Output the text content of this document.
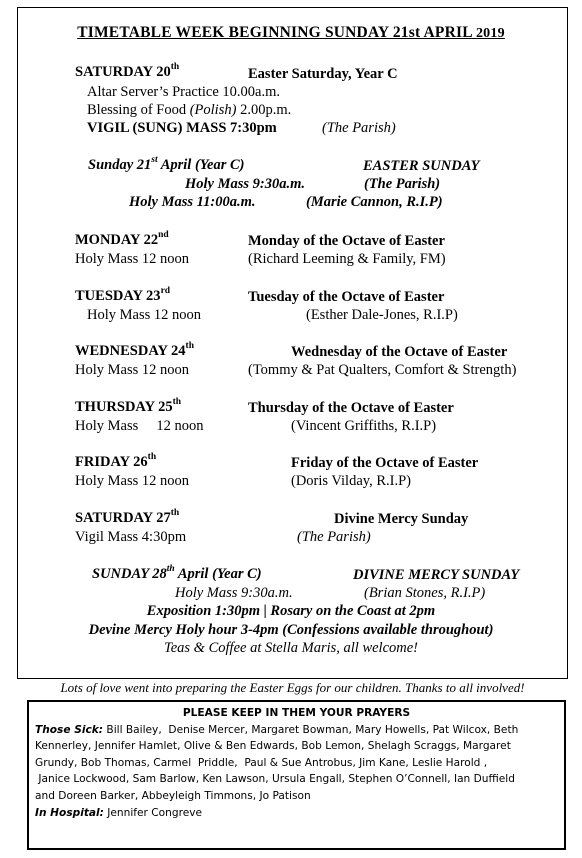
TIMETABLE WEEK BEGINNING SUNDAY 21st APRIL 2019
SATURDAY 20th	Easter Saturday, Year C
Altar Server’s Practice 10.00a.m.
Blessing of Food (Polish) 2.00p.m.
VIGIL (SUNG) MASS 7:30pm	(The Parish)
Sunday 21st April (Year C)	EASTER SUNDAY
Holy Mass 9:30a.m.	(The Parish)
Holy Mass 11:00a.m.	(Marie Cannon, R.I.P)
MONDAY 22nd	Monday of the Octave of Easter
Holy Mass 12 noon	(Richard Leeming & Family, FM)
TUESDAY 23rd	Tuesday of the Octave of Easter
Holy Mass 12 noon	(Esther Dale-Jones, R.I.P)
WEDNESDAY 24th	Wednesday of the Octave of Easter
Holy Mass 12 noon	(Tommy & Pat Qualters, Comfort & Strength)
THURSDAY 25th	Thursday of the Octave of Easter
Holy Mass     12 noon	(Vincent Griffiths, R.I.P)
FRIDAY 26th	Friday of the Octave of Easter
Holy Mass 12 noon	(Doris Vilday, R.I.P)
SATURDAY 27th	Divine Mercy Sunday
Vigil Mass 4:30pm	(The Parish)
SUNDAY 28th April (Year C)	DIVINE MERCY SUNDAY
Holy Mass 9:30a.m.	(Brian Stones, R.I.P)
Exposition 1:30pm | Rosary on the Coast at 2pm
Devine Mercy Holy hour 3-4pm (Confessions available throughout)
Teas & Coffee at Stella Maris, all welcome!
Lots of love went into preparing the Easter Eggs for our children. Thanks to all involved!
PLEASE KEEP IN THEM YOUR PRAYERS
Those Sick: Bill Bailey,  Denise Mercer, Margaret Bowman, Mary Howells, Pat Wilcox, Beth
Kennerley, Jennifer Hamlet, Olive & Ben Edwards, Bob Lemon, Shelagh Scraggs, Margaret
Grundy, Bob Thomas, Carmel  Priddle,  Paul & Sue Antrobus, Jim Kane, Leslie Harold ,
Janice Lockwood, Sam Barlow, Ken Lawson, Ursula Engall, Stephen O’Connell, Ian Duffield
and Doreen Barker, Abbeyleigh Timmons, Jo Patison
In Hospital: Jennifer Congreve
